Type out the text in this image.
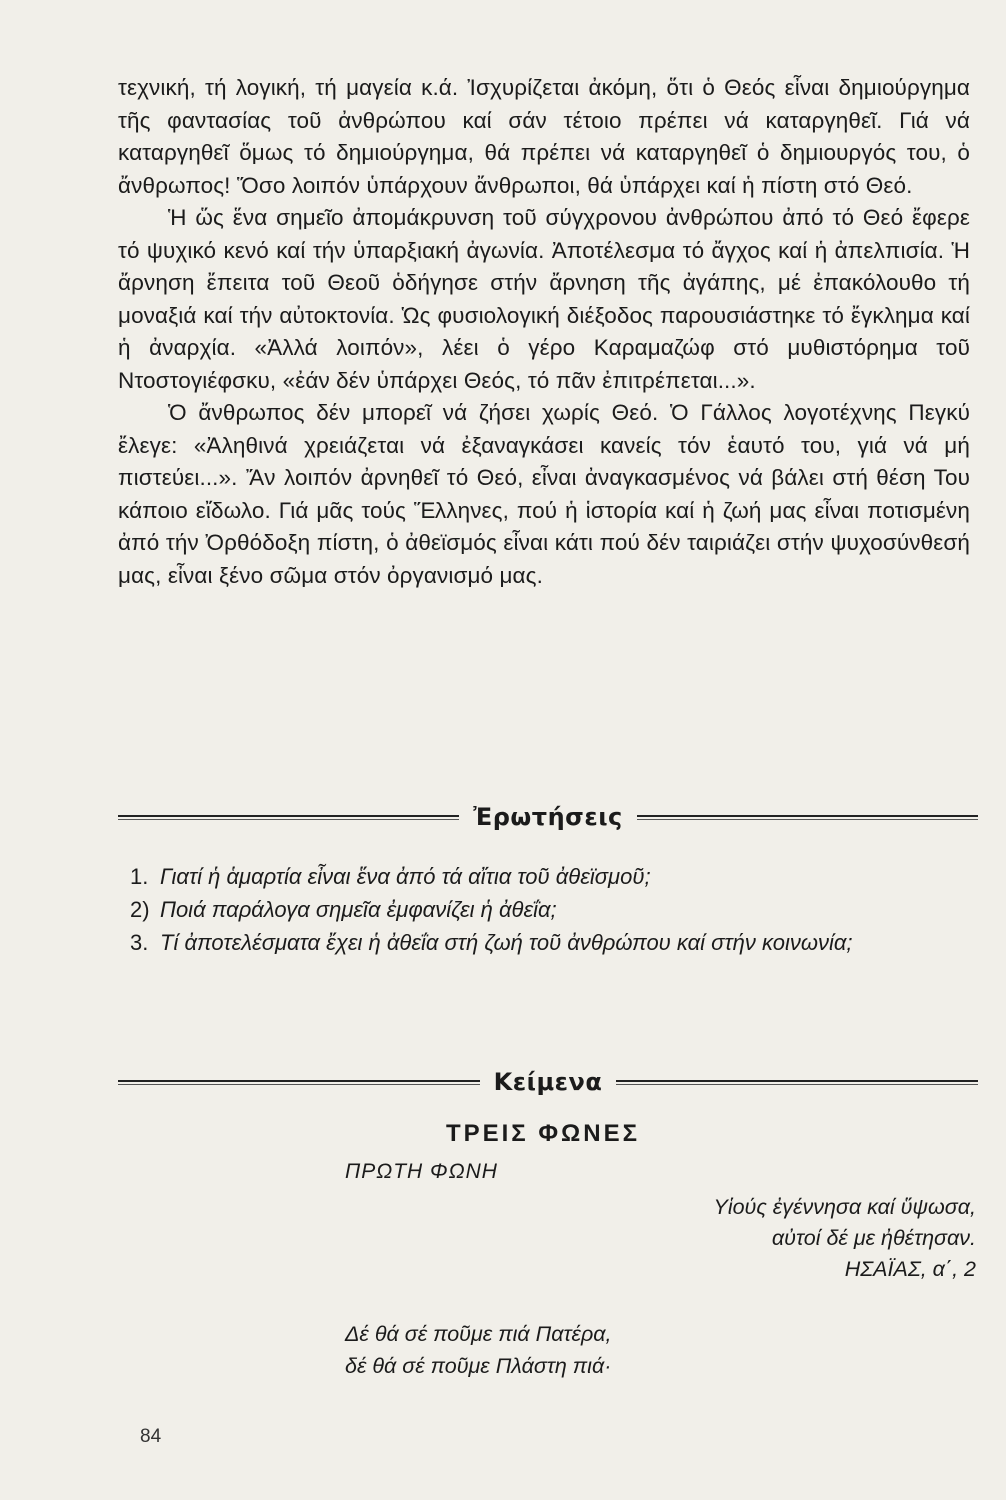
τεχνική, τή λογική, τή μαγεία κ.ά. Ἰσχυρίζεται ἀκόμη, ὅτι ὁ Θεός εἶναι δημιούργημα τῆς φαντασίας τοῦ ἀνθρώπου καί σάν τέτοιο πρέπει νά καταργηθεῖ. Γιά νά καταργηθεῖ ὅμως τό δημιούργημα, θά πρέπει νά καταργηθεῖ ὁ δημιουργός του, ὁ ἄνθρωπος! Ὅσο λοιπόν ὑπάρχουν ἄνθρωποι, θά ὑπάρχει καί ἡ πίστη στό Θεό.

Ἡ ὥς ἕνα σημεῖο ἀπομάκρυνση τοῦ σύγχρονου ἀνθρώπου ἀπό τό Θεό ἔφερε τό ψυχικό κενό καί τήν ὑπαρξιακή ἀγωνία. Ἀποτέλεσμα τό ἄγχος καί ἡ ἀπελπισία. Ἡ ἄρνηση ἔπειτα τοῦ Θεοῦ ὁδήγησε στήν ἄρνηση τῆς ἀγάπης, μέ ἐπακόλουθο τή μοναξιά καί τήν αὐτοκτονία. Ὡς φυσιολογική διέξοδος παρουσιάστηκε τό ἔγκλημα καί ἡ ἀναρχία. «Ἀλλά λοιπόν», λέει ὁ γέρο Καραμαζώφ στό μυθιστόρημα τοῦ Ντοστογιέφσκυ, «ἐάν δέν ὑπάρχει Θεός, τό πᾶν ἐπιτρέπεται...».

Ὁ ἄνθρωπος δέν μπορεῖ νά ζήσει χωρίς Θεό. Ὁ Γάλλος λογοτέχνης Πεγκύ ἔλεγε: «Ἀληθινά χρειάζεται νά ἐξαναγκάσει κανείς τόν ἑαυτό του, γιά νά μή πιστεύει...». Ἄν λοιπόν ἀρνηθεῖ τό Θεό, εἶναι ἀναγκασμένος νά βάλει στή θέση Του κάποιο εἴδωλο. Γιά μᾶς τούς Ἕλληνες, πού ἡ ἱστορία καί ἡ ζωή μας εἶναι ποτισμένη ἀπό τήν Ὀρθόδοξη πίστη, ὁ ἀθεϊσμός εἶναι κάτι πού δέν ταιριάζει στήν ψυχοσύνθεσή μας, εἶναι ξένο σῶμα στόν ὀργανισμό μας.

Ἐρωτήσεις
1. Γιατί ἡ ἁμαρτία εἶναι ἕνα ἀπό τά αἴτια τοῦ ἀθεϊσμοῦ;
2) Ποιά παράλογα σημεῖα ἐμφανίζει ἡ ἀθεΐα;
3. Τί ἀποτελέσματα ἔχει ἡ ἀθεΐα στή ζωή τοῦ ἀνθρώπου καί στήν κοινωνία;
Κείμενα
ΤΡΕΙΣ ΦΩΝΕΣ
ΠΡΩΤΗ ΦΩΝΗ
Υἱούς ἐγέννησα καί ὕψωσα,
αὐτοί δέ με ἠθέτησαν.
ΗΣΑΪΑΣ, α΄, 2
Δέ θά σέ ποῦμε πιά Πατέρα,
δέ θά σέ ποῦμε Πλάστη πιά·
84
